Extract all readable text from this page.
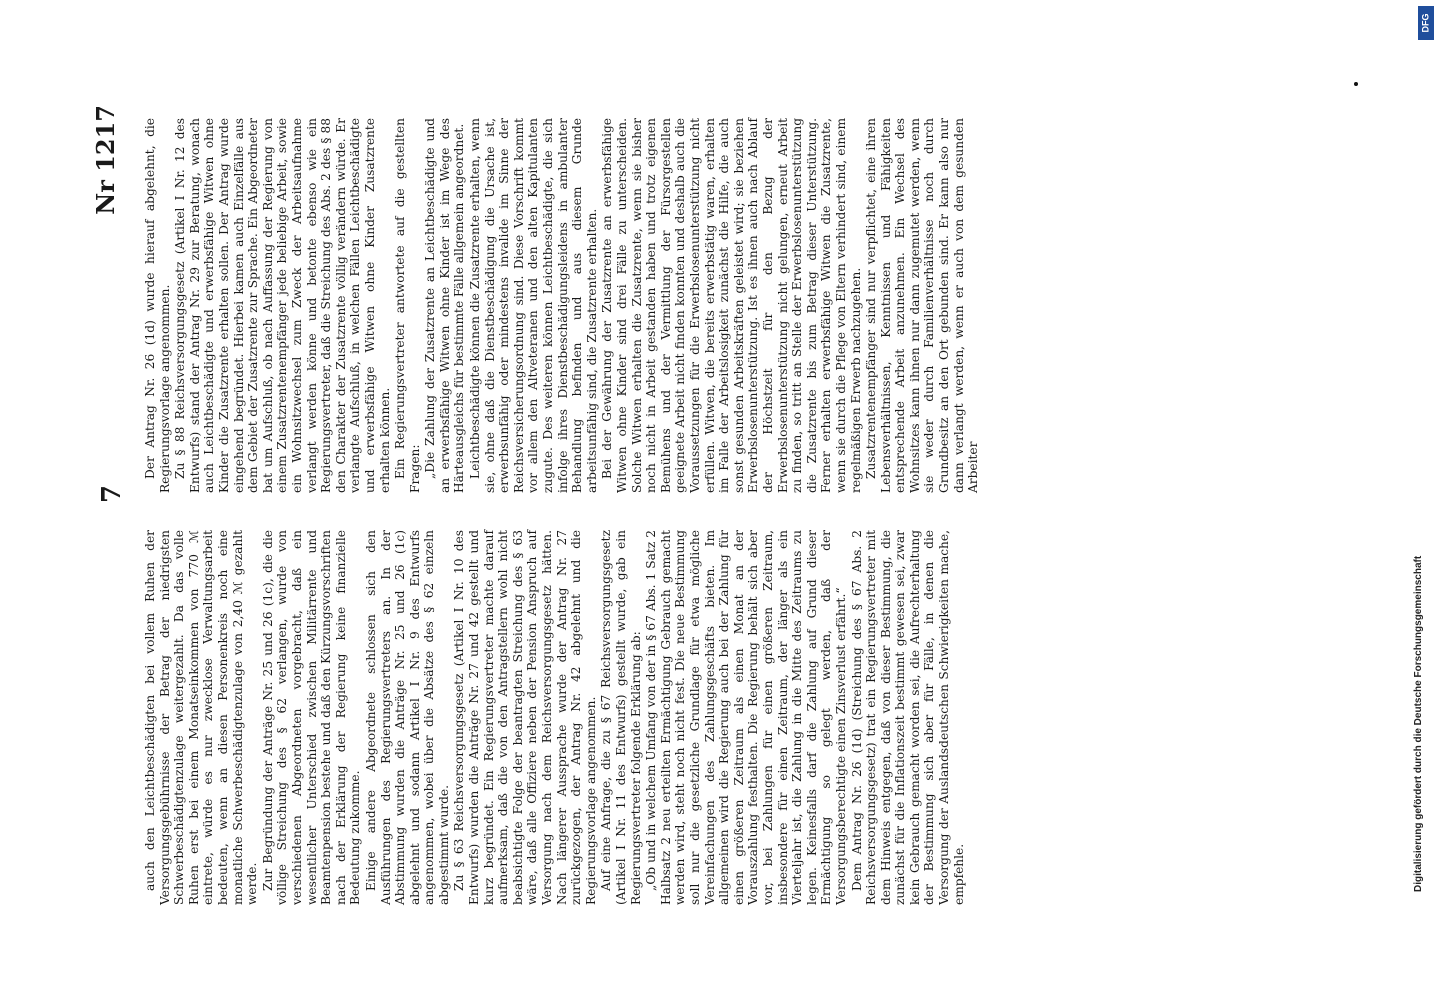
7
Nr 1217

auch den Leichtbeschädigten bei vollem Ruhen der Versorgungsgebührnisse der Betrag der niedrigsten Schwerbeschädigtenzulage weitergezahlt. Da das volle Ruhen erst bei einem Monatseinkommen von 770 ℳ eintrete, würde es nur zwecklose Verwaltungsarbeit bedeuten, wenn an diesen Personenkreis noch eine monatliche Schwerbeschädigtenzulage von 2,40 ℳ gezahlt werde. Zur Begründung der Anträge Nr. 25 und 26 (1c), die die völlige Streichung des § 62 verlangen, wurde von verschiedenen Abgeordneten vorgebracht, daß ein wesentlicher Unterschied zwischen Militärrente und Beamtenpension bestehe und daß den Kürzungsvorschriften nach der Erklärung der Regierung keine finanzielle Bedeutung zukomme. Einige andere Abgeordnete schlossen sich den Ausführungen des Regierungsvertreters an. In der Abstimmung wurden die Anträge Nr. 25 und 26 (1c) abgelehnt und sodann Artikel I Nr. 9 des Entwurfs angenommen, wobei über die Absätze des § 62 einzeln abgestimmt wurde. Zu § 63 Reichsversorgungsgesetz (Artikel I Nr. 10 des Entwurfs) wurden die Anträge Nr. 27 und 42 gestellt und kurz begründet. Ein Regierungsvertreter machte darauf aufmerksam, daß die von den Antragstellern wohl nicht beabsichtigte Folge der beantragten Streichung des § 63 wäre, daß alle Offiziere neben der Pension Anspruch auf Versorgung nach dem Reichsversorgungsgesetz hätten. Nach längerer Aussprache wurde der Antrag Nr. 27 zurückgezogen, der Antrag Nr. 42 abgelehnt und die Regierungsvorlage angenommen. Auf eine Anfrage, die zu § 67 Reichsversorgungsgesetz (Artikel I Nr. 11 des Entwurfs) gestellt wurde, gab ein Regierungsvertreter folgende Erklärung ab: „Ob und in welchem Umfang von der in § 67 Abs. 1 Satz 2 Halbsatz 2 neu erteilten Ermächtigung Gebrauch gemacht werden wird, steht noch nicht fest. Die neue Bestimmung soll nur die gesetzliche Grundlage für etwa mögliche Vereinfachungen des Zahlungsgeschäfts bieten. Im allgemeinen wird die Regierung auch bei der Zahlung für einen größeren Zeitraum als einen Monat an der Vorauszahlung festhalten. Die Regierung behält sich aber vor, bei Zahlungen für einen größeren Zeitraum, insbesondere für einen Zeitraum, der länger als ein Vierteljahr ist, die Zahlung in die Mitte des Zeitraums zu legen. Keinesfalls darf die Zahlung auf Grund dieser Ermächtigung so gelegt werden, daß der Versorgungsberechtigte einen Zinsverlust erfährt.“ Dem Antrag Nr. 26 (1d) (Streichung des § 67 Abs. 2 Reichsversorgungsgesetz) trat ein Regierungsvertreter mit dem Hinweis entgegen, daß von dieser Bestimmung, die zunächst für die Inflationszeit bestimmt gewesen sei, zwar kein Gebrauch gemacht worden sei, die Aufrechterhaltung der Bestimmung sich aber für Fälle, in denen die Versorgung der Auslandsdeutschen Schwierigkeiten mache, empfehle.

Der Antrag Nr. 26 (1d) wurde hierauf abgelehnt, die Regierungsvorlage angenommen. Zu § 88 Reichsversorgungsgesetz (Artikel I Nr. 12 des Entwurfs) stand der Antrag Nr. 29 zur Beratung, wonach auch Leichtbeschädigte und erwerbsfähige Witwen ohne Kinder die Zusatzrente erhalten sollen. Der Antrag wurde eingehend begründet. Hierbei kamen auch Einzelfälle aus dem Gebiet der Zusatzrente zur Sprache. Ein Abgeordneter bat um Aufschluß, ob nach Auffassung der Regierung von einem Zusatzrentenempfänger jede beliebige Arbeit, sowie ein Wohnsitzwechsel zum Zweck der Arbeitsaufnahme verlangt werden könne und betonte ebenso wie ein Regierungsvertreter, daß die Streichung des Abs. 2 des § 88 den Charakter der Zusatzrente völlig verändern würde. Er verlangte Aufschluß, in welchen Fällen Leichtbeschädigte und erwerbsfähige Witwen ohne Kinder Zusatzrente erhalten können. Ein Regierungsvertreter antwortete auf die gestellten Fragen: „Die Zahlung der Zusatzrente an Leichtbeschädigte und an erwerbsfähige Witwen ohne Kinder ist im Wege des Härteausgleichs für bestimmte Fälle allgemein angeordnet. Leichtbeschädigte können die Zusatzrente erhalten, wenn sie, ohne daß die Dienstbeschädigung die Ursache ist, erwerbsunfähig oder mindestens invalide im Sinne der Reichsversicherungsordnung sind. Diese Vorschrift kommt vor allem den Altveteranen und den alten Kapitulanten zugute. Des weiteren können Leichtbeschädigte, die sich infolge ihres Dienstbeschädigungsleidens in ambulanter Behandlung befinden und aus diesem Grunde arbeitsunfähig sind, die Zusatzrente erhalten. Bei der Gewährung der Zusatzrente an erwerbsfähige Witwen ohne Kinder sind drei Fälle zu unterscheiden. Solche Witwen erhalten die Zusatzrente, wenn sie bisher noch nicht in Arbeit gestanden haben und trotz eigenen Bemühens und der Vermittlung der Fürsorgestellen geeignete Arbeit nicht finden konnten und deshalb auch die Voraussetzungen für die Erwerbslosenunterstützung nicht erfüllen. Witwen, die bereits erwerbstätig waren, erhalten im Falle der Arbeitslosigkeit zunächst die Hilfe, die auch sonst gesunden Arbeitskräften geleistet wird; sie beziehen Erwerbslosenunterstützung. Ist es ihnen auch nach Ablauf der Höchstzeit für den Bezug der Erwerbslosenunterstützung nicht gelungen, erneut Arbeit zu finden, so tritt an Stelle der Erwerbslosenunterstützung die Zusatzrente bis zum Betrag dieser Unterstützung. Ferner erhalten erwerbsfähige Witwen die Zusatzrente, wenn sie durch die Pflege von Eltern verhindert sind, einem regelmäßigen Erwerb nachzugehen. Zusatzrentenempfänger sind nur verpflichtet, eine ihren Lebensverhältnissen, Kenntnissen und Fähigkeiten entsprechende Arbeit anzunehmen. Ein Wechsel des Wohnsitzes kann ihnen nur dann zugemutet werden, wenn sie weder durch Familienverhältnisse noch durch Grundbesitz an den Ort gebunden sind. Er kann also nur dann verlangt werden, wenn er auch von dem gesunden Arbeiter

DFG
Digitalisierung gefördert durch die Deutsche Forschungsgemeinschaft
